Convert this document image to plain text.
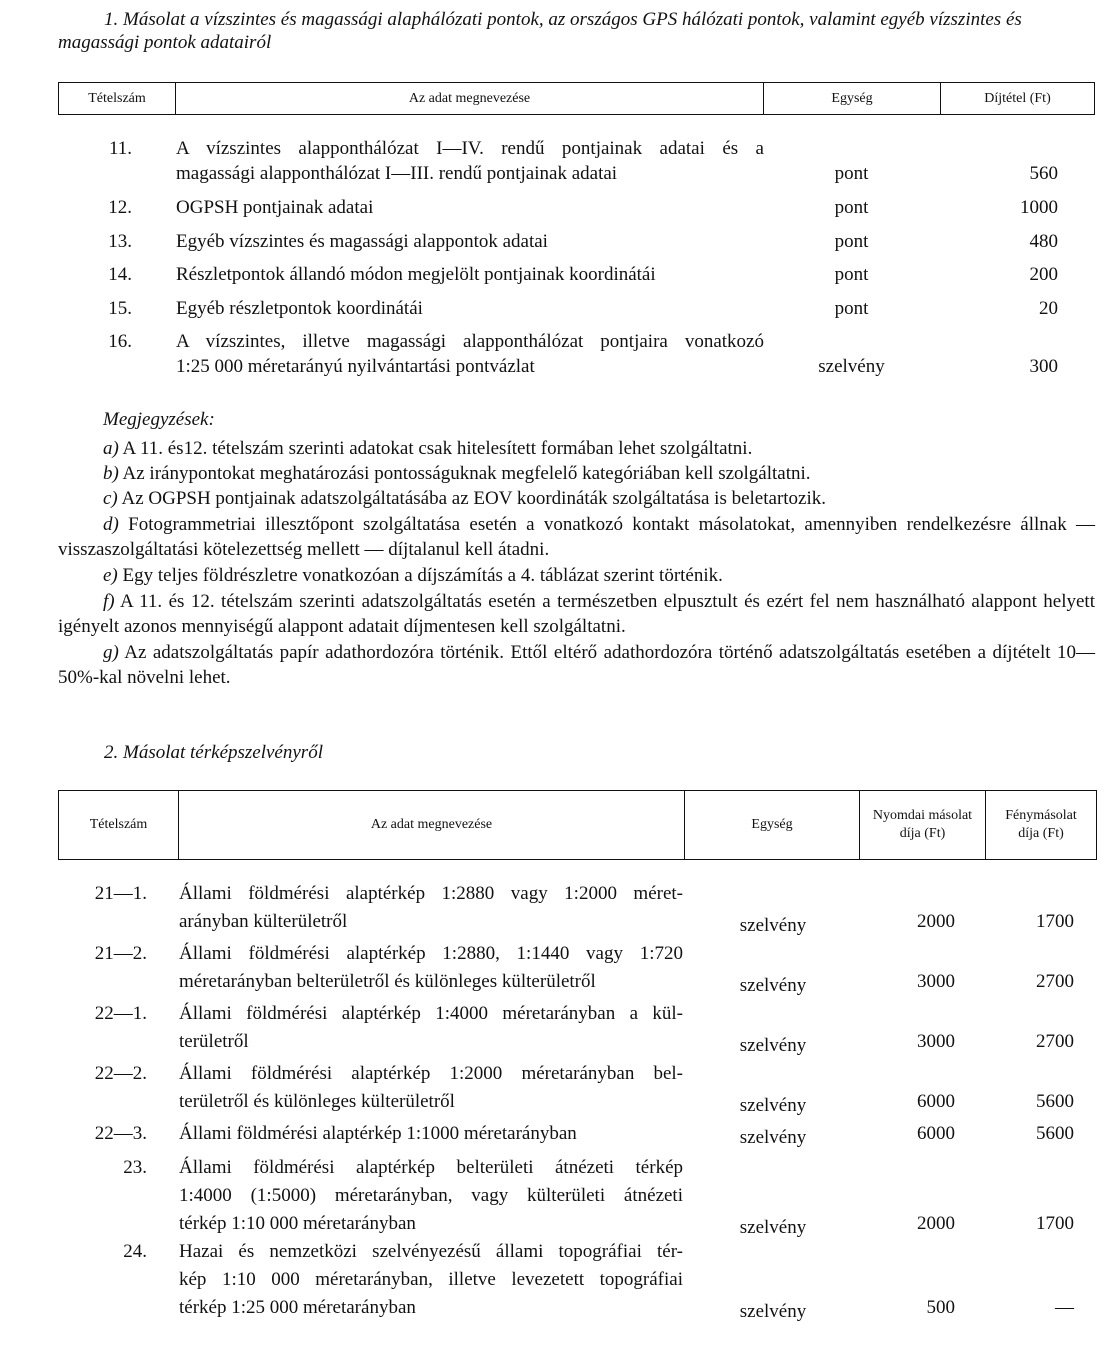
1. Másolat a vízszintes és magassági alaphálózati pontok, az országos GPS hálózati pontok, valamint egyéb vízszintes és magassági pontok adatairól
Tételszám	Az adat megnevezése	Egység	Díjtétel (Ft)
11. A vízszintes alapponthálózat I—IV. rendű pontjainak adatai és a
magassági alapponthálózat I—III. rendű pontjainak adatai	pont	560
12. OGPSH pontjainak adatai	pont	1000
13. Egyéb vízszintes és magassági alappontok adatai	pont	480
14. Részletpontok állandó módon megjelölt pontjainak koordinátái	pont	200
15. Egyéb részletpontok koordinátái	pont	20
16. A vízszintes, illetve magassági alapponthálózat pontjaira vonatkozó
1:25 000 méretarányú nyilvántartási pontvázlat	szelvény	300
Megjegyzések:
a) A 11. és12. tételszám szerinti adatokat csak hitelesített formában lehet szolgáltatni.
b) Az iránypontokat meghatározási pontosságuknak megfelelő kategóriában kell szolgáltatni.
c) Az OGPSH pontjainak adatszolgáltatásába az EOV koordináták szolgáltatása is beletartozik.
d) Fotogrammetriai illesztőpont szolgáltatása esetén a vonatkozó kontakt másolatokat, amennyiben rendelkezésre állnak — visszaszolgáltatási kötelezettség mellett — díjtalanul kell átadni.
e) Egy teljes földrészletre vonatkozóan a díjszámítás a 4. táblázat szerint történik.
f) A 11. és 12. tételszám szerinti adatszolgáltatás esetén a természetben elpusztult és ezért fel nem használható alappont helyett igényelt azonos mennyiségű alappont adatait díjmentesen kell szolgáltatni.
g) Az adatszolgáltatás papír adathordozóra történik. Ettől eltérő adathordozóra történő adatszolgáltatás esetében a díjtételt 10—50%-kal növelni lehet.
2. Másolat térképszelvényről
Tételszám	Az adat megnevezése	Egység	Nyomdai másolat díja (Ft)	Fénymásolat díja (Ft)
21—1. Állami földmérési alaptérkép 1:2880 vagy 1:2000 méret-
arányban külterületről	szelvény	2000	1700
21—2. Állami földmérési alaptérkép 1:2880, 1:1440 vagy 1:720
méretarányban belterületről és különleges külterületről	szelvény	3000	2700
22—1. Állami földmérési alaptérkép 1:4000 méretarányban a kül-
területről	szelvény	3000	2700
22—2. Állami földmérési alaptérkép 1:2000 méretarányban bel-
területről és különleges külterületről	szelvény	6000	5600
22—3. Állami földmérési alaptérkép 1:1000 méretarányban	szelvény	6000	5600
23. Állami földmérési alaptérkép belterületi átnézeti térkép
1:4000 (1:5000) méretarányban, vagy külterületi átnézeti
térkép 1:10 000 méretarányban	szelvény	2000	1700
24. Hazai és nemzetközi szelvényezésű állami topográfiai tér-
kép 1:10 000 méretarányban, illetve levezetett topográfiai
térkép 1:25 000 méretarányban	szelvény	500	—
